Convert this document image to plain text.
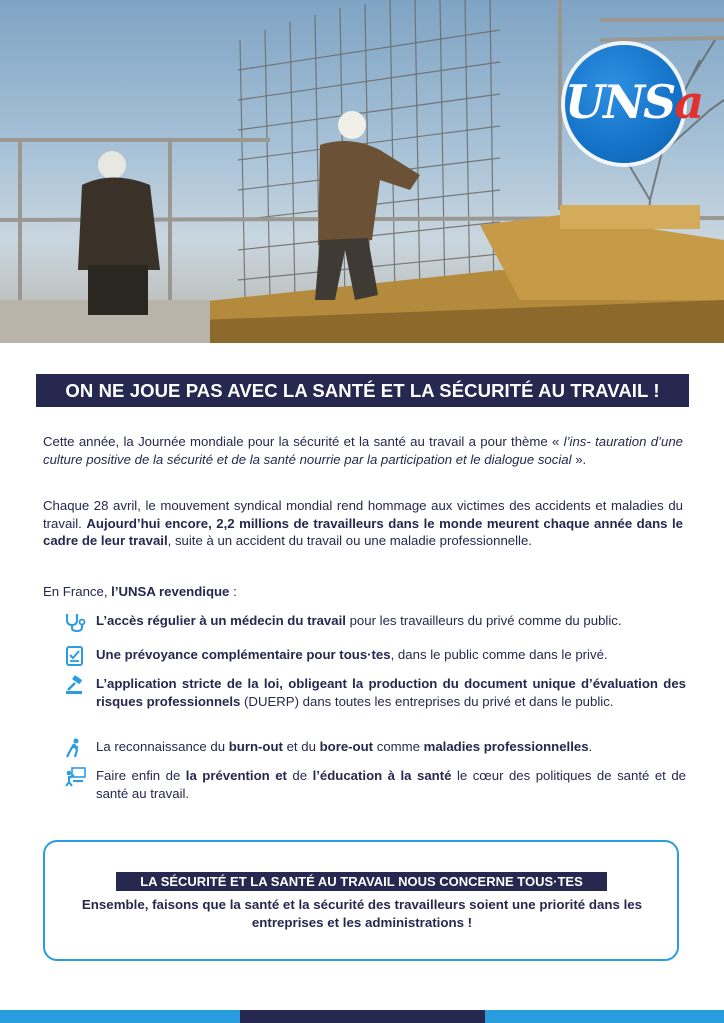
UNSa
ON NE JOUE PAS AVEC LA SANTÉ ET LA SÉCURITÉ AU TRAVAIL !
Cette année, la Journée mondiale pour la sécurité et la santé au travail a pour thème « l’ins- tauration d’une culture positive de la sécurité et de la santé nourrie par la participation et le dialogue social ».
Chaque 28 avril, le mouvement syndical mondial rend hommage aux victimes des accidents et maladies du travail. Aujourd’hui encore, 2,2 millions de travailleurs dans le monde meurent chaque année dans le cadre de leur travail, suite à un accident du travail ou une maladie professionnelle.
En France, l’UNSA revendique :
L’accès régulier à un médecin du travail pour les travailleurs du privé comme du public.
Une prévoyance complémentaire pour tous·tes, dans le public comme dans le privé.
L’application stricte de la loi, obligeant la production du document unique d’évaluation des risques professionnels (DUERP) dans toutes les entreprises du privé et dans le public.
La reconnaissance du burn-out et du bore-out comme maladies professionnelles.
Faire enfin de la prévention et de l’éducation à la santé le cœur des politiques de santé et de santé au travail.
LA SÉCURITÉ ET LA SANTÉ AU TRAVAIL NOUS CONCERNE TOUS·TES
Ensemble, faisons que la santé et la sécurité des travailleurs soient une priorité dans les entreprises et les administrations !
